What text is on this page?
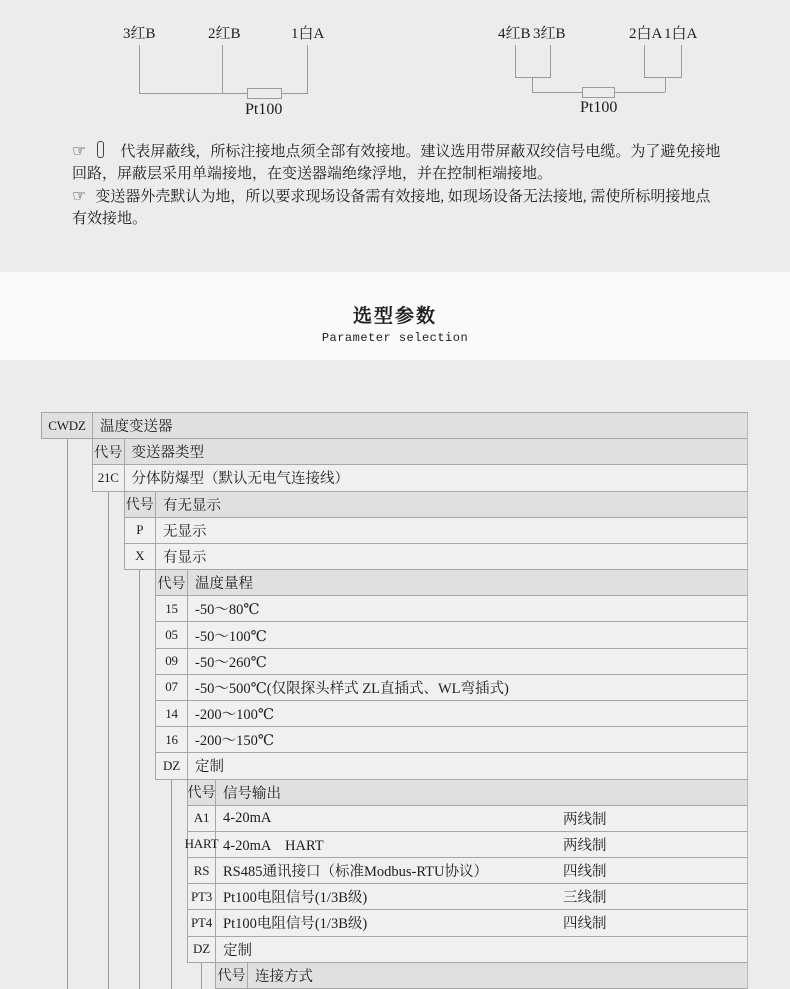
3红B	2红B	1白A
Pt100
4红B 3红B	2白A 1白A
Pt100

☞ 代表屏蔽线，所标注接地点须全部有效接地。建议选用带屏蔽双绞信号电缆。为了避免接地回路，屏蔽层采用单端接地，在变送器端绝缘浮地，并在控制柜端接地。

☞ 变送器外壳默认为地，所以要求现场设备需有效接地, 如现场设备无法接地, 需使所标明接地点有效接地。

选型参数
Parameter selection
CWDZ 温度变送器
代号 变送器类型
21C 分体防爆型（默认无电气连接线）
代号 有无显示
P	无显示
X	有显示
代号 温度量程
15	-50～80℃
05	-50～100℃
09	-50～260℃
07	-50～500℃(仅限探头样式 ZL直插式、WL弯插式)
14	-200～100℃
16	-200～150℃
DZ	定制
代号 信号输出
A1 4-20mA	两线制
HART 4-20mA　HART	两线制
RS RS485通讯接口（标准Modbus-RTU协议）	四线制
PT3 Pt100电阻信号(1/3B级)	三线制
PT4 Pt100电阻信号(1/3B级)	四线制
DZ 定制
代号 连接方式
